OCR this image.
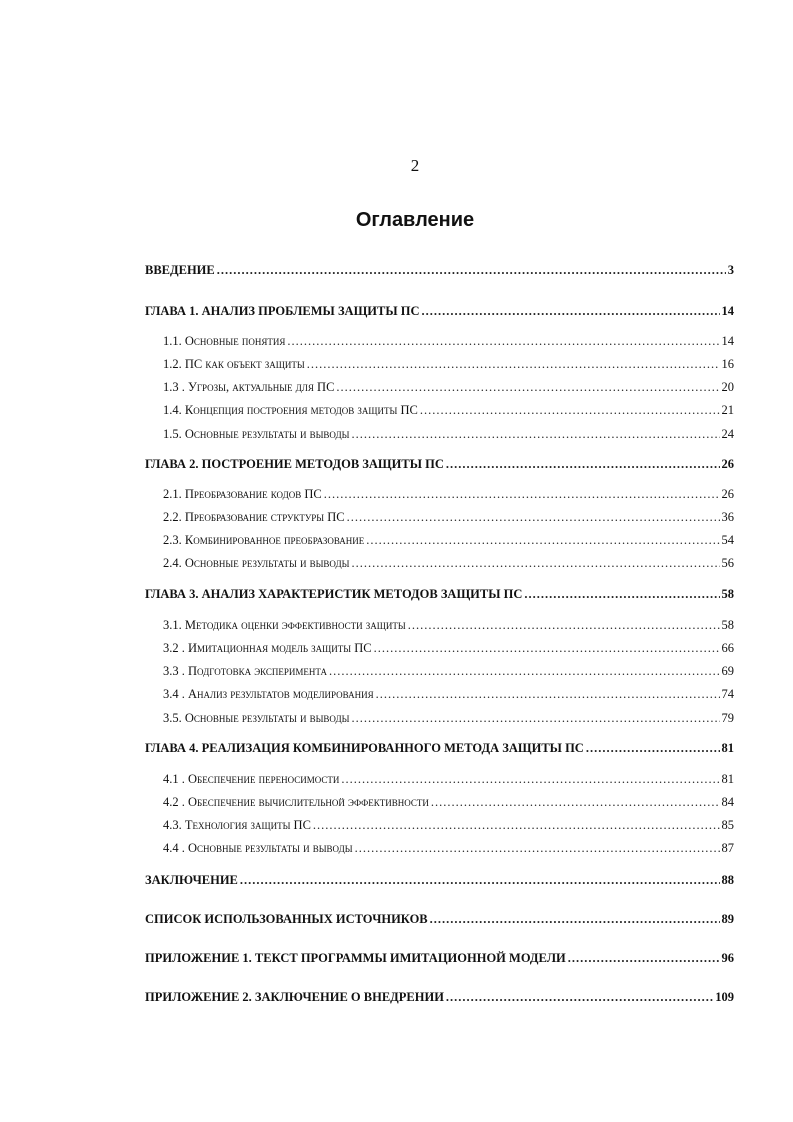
2
Оглавление
ВВЕДЕНИЕ .....	3
ГЛАВА 1. АНАЛИЗ ПРОБЛЕМЫ ЗАЩИТЫ ПС .....	14
1.1. Основные понятия .....	14
1.2. ПС как объект защиты .....	16
1.3 . Угрозы, актуальные для ПС .....	20
1.4. Концепция построения методов защиты ПС .....	21
1.5. Основные результаты и выводы .....	24
ГЛАВА 2. ПОСТРОЕНИЕ МЕТОДОВ ЗАЩИТЫ ПС .....	26
2.1. Преобразование кодов ПС .....	26
2.2. Преобразование структуры ПС .....	36
2.3. Комбинированное преобразование .....	54
2.4. Основные результаты и выводы .....	56
ГЛАВА 3. АНАЛИЗ ХАРАКТЕРИСТИК МЕТОДОВ ЗАЩИТЫ ПС .....	58
3.1. Методика оценки эффективности защиты .....	58
3.2 . Имитационная модель защиты ПС .....	66
3.3 . Подготовка эксперимента .....	69
3.4 . Анализ результатов моделирования .....	74
3.5. Основные результаты и выводы .....	79
ГЛАВА 4. РЕАЛИЗАЦИЯ КОМБИНИРОВАННОГО МЕТОДА ЗАЩИТЫ ПС .....	81
4.1 . Обеспечение переносимости .....	81
4.2 . Обеспечение вычислительной эффективности .....	84
4.3. Технология защиты ПС .....	85
4.4 . Основные результаты и выводы .....	87
ЗАКЛЮЧЕНИЕ .....	88
СПИСОК ИСПОЛЬЗОВАННЫХ ИСТОЧНИКОВ .....	89
ПРИЛОЖЕНИЕ 1. ТЕКСТ ПРОГРАММЫ ИМИТАЦИОННОЙ МОДЕЛИ .....	96
ПРИЛОЖЕНИЕ 2. ЗАКЛЮЧЕНИЕ О ВНЕДРЕНИИ .....	109
